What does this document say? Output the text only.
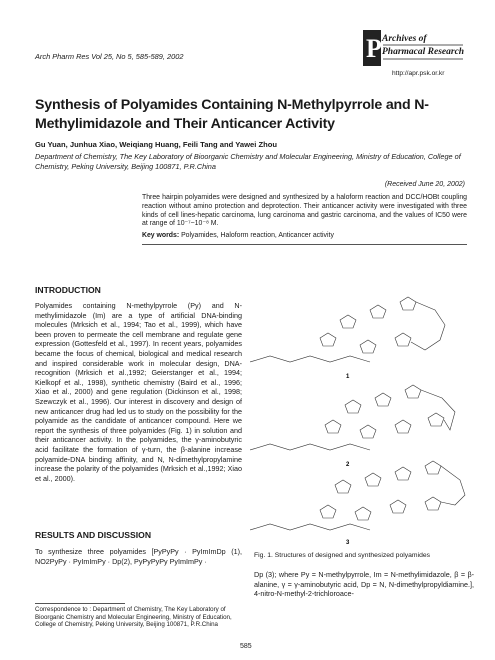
Arch Pharm Res Vol 25, No 5, 585-589, 2002	P Archives of
Pharmacal Research
http://apr.psk.or.kr
Synthesis of Polyamides Containing N-Methylpyrrole and N-Methylimidazole and Their Anticancer Activity
Gu Yuan, Junhua Xiao, Weiqiang Huang, Feili Tang and Yawei Zhou
Department of Chemistry, The Key Laboratory of Bioorganic Chemistry and Molecular Engineering, Ministry of Education, College of Chemistry, Peking University, Beijing 100871, P.R.China
(Received June 20, 2002)
Three hairpin polyamides were designed and synthesized by a haloform reaction and DCC/HOBt coupling reaction without amino protection and deprotection. Their anticancer activity were investigated with three kinds of cell lines-hepatic carcinoma, lung carcinoma and gastric carcinoma, and the values of IC50 were at range of 10⁻⁷~10⁻⁸ M.
Key words: Polyamides, Haloform reaction, Anticancer activity
INTRODUCTION
Polyamides containing N-methylpyrrole (Py) and N-methylimidazole (Im) are a type of artificial DNA-binding molecules (Mrksich et al., 1994; Tao et al., 1999), which have been proven to permeate the cell membrane and regulate gene expression (Gottesfeld et al., 1997). In recent years, polyamides became the focus of chemical, biological and medical research and inspired considerable work in molecular design, DNA-recognition (Mrksich et al.,1992; Geierstanger et al., 1994; Kielkopf et al., 1998), synthetic chemistry (Baird et al., 1996; Xiao et al., 2000) and gene regulation (Dickinson et al., 1998; Szewczyk et al., 1996). Our interest in discovery and design of new anticancer drug had led us to study on the possibility for the polyamide as the candidate of anticancer compound. Here we report the synthesis of three polyamides (Fig. 1) in solution and their anticancer activity. In the polyamides, the γ-aminobutyric acid facilitate the formation of γ-turn, the β-alanine increase polyamide-DNA binding affinity, and N, N-dimethylpropylamine increase the polarity of the polyamides (Mrksich et al.,1992; Xiao et al., 2000).
RESULTS AND DISCUSSION
To synthesize three polyamides [PyPyPy · PyImImDp (1), NO2PyPy · PyImImPy · Dp(2), PyPyPyPy PyImImPy ·
1
2
3
Fig. 1. Structures of designed and synthesized polyamides
Dp (3); where Py = N-methylpyrrole, Im = N-methylimidazole, β = β-alanine, γ = γ-aminobutyric acid, Dp = N, N-dimethylpropyldiamine.], 4-nitro-N-methyl-2-trichloroace-
Correspondence to : Department of Chemistry, The Key Laboratory of Bioorganic Chemistry and Molecular Engineering, Ministry of Education, College of Chemistry, Peking University, Beijing 100871, P.R.China
585
